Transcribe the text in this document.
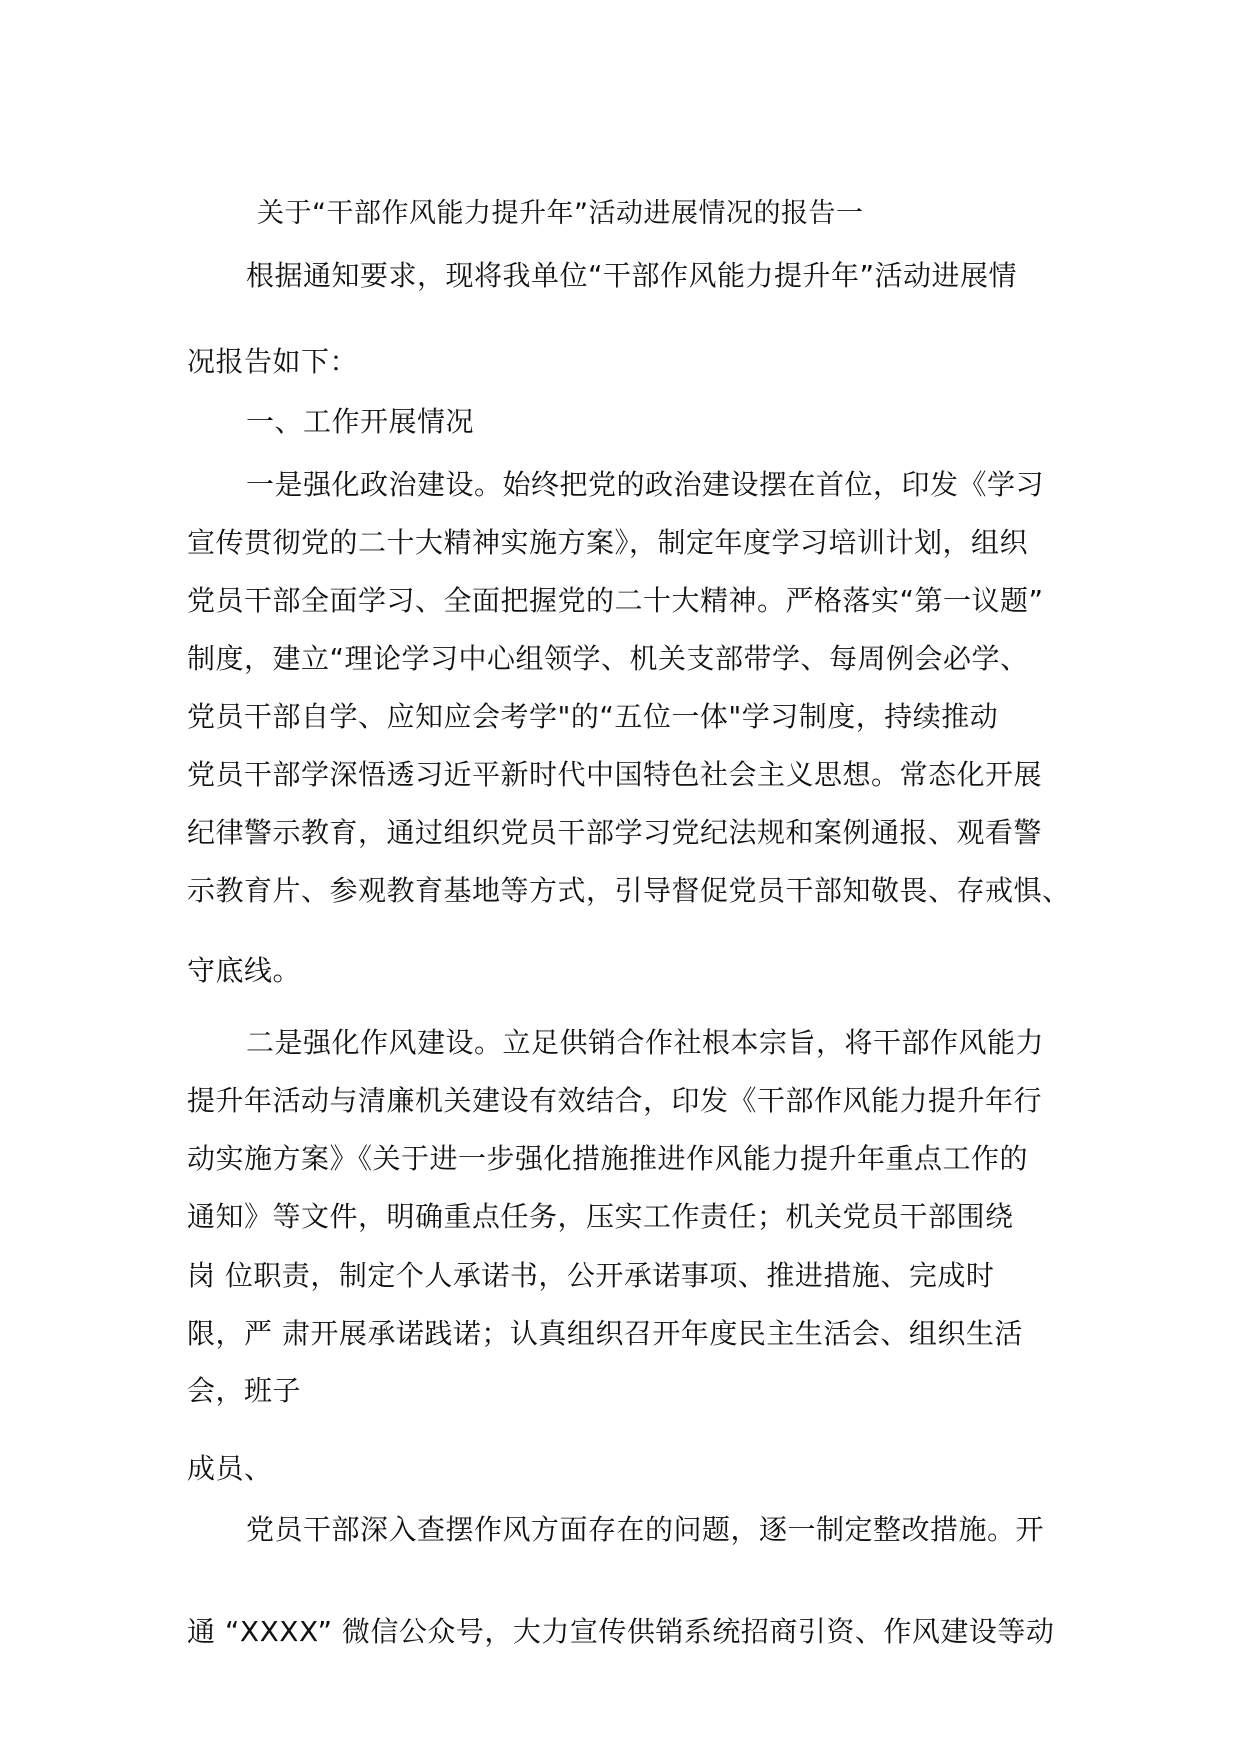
关于“干部作风能力提升年”活动进展情况的报告一
根据通知要求，现将我单位“干部作风能力提升年”活动进展情
况报告如下：
一、工作开展情况
一是强化政治建设。始终把党的政治建设摆在首位，印发《学习
宣传贯彻党的二十大精神实施方案》，制定年度学习培训计划，组织
党员干部全面学习、全面把握党的二十大精神。严格落实“第一议题”
制度，建立“理论学习中心组领学、机关支部带学、每周例会必学、
党员干部自学、应知应会考学"的“五位一体"学习制度，持续推动
党员干部学深悟透习近平新时代中国特色社会主义思想。常态化开展
纪律警示教育，通过组织党员干部学习党纪法规和案例通报、观看警
示教育片、参观教育基地等方式，引导督促党员干部知敬畏、存戒惧、
守底线。
二是强化作风建设。立足供销合作社根本宗旨，将干部作风能力
提升年活动与清廉机关建设有效结合，印发《干部作风能力提升年行
动实施方案》《关于进一步强化措施推进作风能力提升年重点工作的
通知》等文件，明确重点任务，压实工作责任；机关党员干部围绕
岗 位职责，制定个人承诺书，公开承诺事项、推进措施、完成时
限，严 肃开展承诺践诺；认真组织召开年度民主生活会、组织生活
会，班子
成员、
党员干部深入查摆作风方面存在的问题，逐一制定整改措施。开
通 “XXXX” 微信公众号，大力宣传供销系统招商引资、作风建设等动
